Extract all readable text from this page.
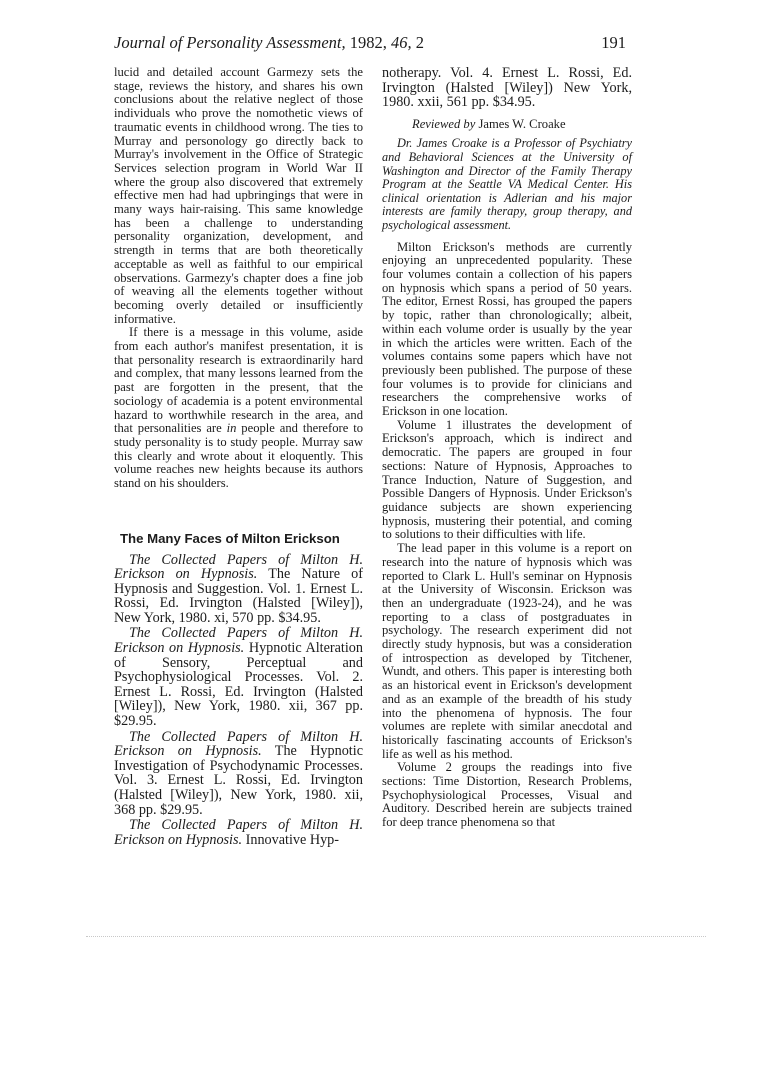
Journal of Personality Assessment, 1982, 46, 2	191

lucid and detailed account Garmezy sets the stage, reviews the history, and shares his own conclusions about the relative neglect of those individuals who prove the nomothetic views of traumatic events in childhood wrong. The ties to Murray and personology go directly back to Murray's involvement in the Office of Strategic Services selection program in World War II where the group also discovered that extremely effective men had had upbringings that were in many ways hair-raising. This same knowledge has been a challenge to understanding personality organization, development, and strength in terms that are both theoretically acceptable as well as faithful to our empirical observations. Garmezy's chapter does a fine job of weaving all the elements together without becoming overly detailed or insufficiently informative.

If there is a message in this volume, aside from each author's manifest presentation, it is that personality research is extraordinarily hard and complex, that many lessons learned from the past are forgotten in the present, that the sociology of academia is a potent environmental hazard to worthwhile research in the area, and that personalities are in people and therefore to study personality is to study people. Murray saw this clearly and wrote about it eloquently. This volume reaches new heights because its authors stand on his shoulders.

The Many Faces of Milton Erickson

The Collected Papers of Milton H. Erickson on Hypnosis. The Nature of Hypnosis and Suggestion. Vol. 1. Ernest L. Rossi, Ed. Irvington (Halsted [Wiley]), New York, 1980. xi, 570 pp. $34.95.

The Collected Papers of Milton H. Erickson on Hypnosis. Hypnotic Alteration of Sensory, Perceptual and Psychophysiological Processes. Vol. 2. Ernest L. Rossi, Ed. Irvington (Halsted [Wiley]), New York, 1980. xii, 367 pp. $29.95.

The Collected Papers of Milton H. Erickson on Hypnosis. The Hypnotic Investigation of Psychodynamic Processes. Vol. 3. Ernest L. Rossi, Ed. Irvington (Halsted [Wiley]), New York, 1980. xii, 368 pp. $29.95.

The Collected Papers of Milton H. Erickson on Hypnosis. Innovative Hyp-

notherapy. Vol. 4. Ernest L. Rossi, Ed. Irvington (Halsted [Wiley]) New York, 1980. xxii, 561 pp. $34.95.

Reviewed by James W. Croake

Dr. James Croake is a Professor of Psychiatry and Behavioral Sciences at the University of Washington and Director of the Family Therapy Program at the Seattle VA Medical Center. His clinical orientation is Adlerian and his major interests are family therapy, group therapy, and psychological assessment.

Milton Erickson's methods are currently enjoying an unprecedented popularity. These four volumes contain a collection of his papers on hypnosis which spans a period of 50 years. The editor, Ernest Rossi, has grouped the papers by topic, rather than chronologically; albeit, within each volume order is usually by the year in which the articles were written. Each of the volumes contains some papers which have not previously been published. The purpose of these four volumes is to provide for clinicians and researchers the comprehensive works of Erickson in one location.

Volume 1 illustrates the development of Erickson's approach, which is indirect and democratic. The papers are grouped in four sections: Nature of Hypnosis, Approaches to Trance Induction, Nature of Suggestion, and Possible Dangers of Hypnosis. Under Erickson's guidance subjects are shown experiencing hypnosis, mustering their potential, and coming to solutions to their difficulties with life.

The lead paper in this volume is a report on research into the nature of hypnosis which was reported to Clark L. Hull's seminar on Hypnosis at the University of Wisconsin. Erickson was then an undergraduate (1923-24), and he was reporting to a class of postgraduates in psychology. The research experiment did not directly study hypnosis, but was a consideration of introspection as developed by Titchener, Wundt, and others. This paper is interesting both as an historical event in Erickson's development and as an example of the breadth of his study into the phenomena of hypnosis. The four volumes are replete with similar anecdotal and historically fascinating accounts of Erickson's life as well as his method.

Volume 2 groups the readings into five sections: Time Distortion, Research Problems, Psychophysiological Processes, Visual and Auditory. Described herein are subjects trained for deep trance phenomena so that
